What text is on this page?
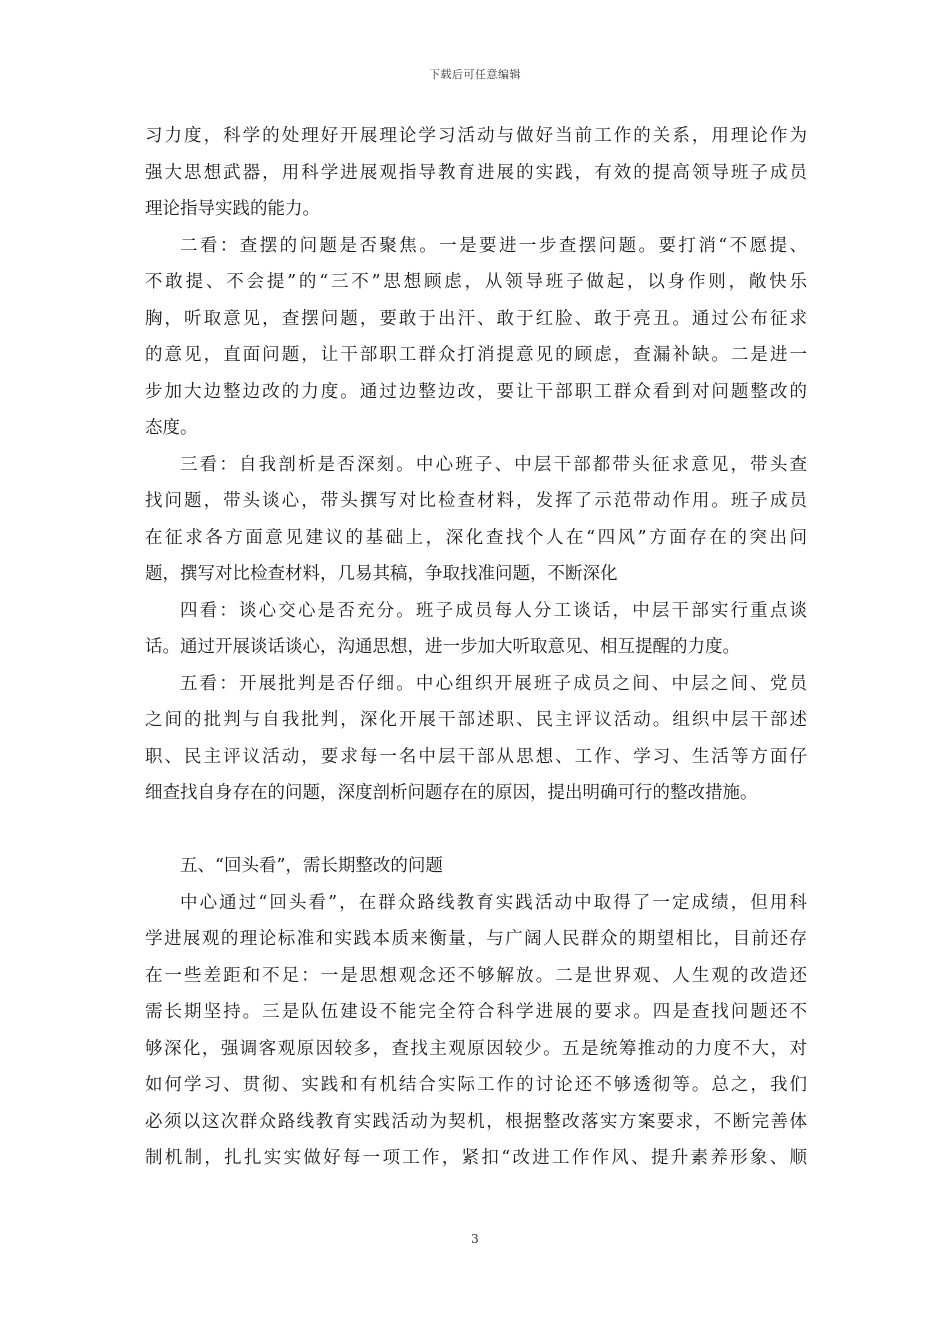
下载后可任意编辑
习力度，科学的处理好开展理论学习活动与做好当前工作的关系，用理论作为
强大思想武器，用科学进展观指导教育进展的实践，有效的提高领导班子成员
理论指导实践的能力。
二看：查摆的问题是否聚焦。一是要进一步查摆问题。要打消“不愿提、
不敢提、不会提”的“三不”思想顾虑，从领导班子做起，以身作则，敞快乐
胸，听取意见，查摆问题，要敢于出汗、敢于红脸、敢于亮丑。通过公布征求
的意见，直面问题，让干部职工群众打消提意见的顾虑，查漏补缺。二是进一
步加大边整边改的力度。通过边整边改，要让干部职工群众看到对问题整改的
态度。
三看：自我剖析是否深刻。中心班子、中层干部都带头征求意见，带头查
找问题，带头谈心，带头撰写对比检查材料，发挥了示范带动作用。班子成员
在征求各方面意见建议的基础上，深化查找个人在“四风”方面存在的突出问
题，撰写对比检查材料，几易其稿，争取找准问题，不断深化
四看：谈心交心是否充分。班子成员每人分工谈话，中层干部实行重点谈
话。通过开展谈话谈心，沟通思想，进一步加大听取意见、相互提醒的力度。
五看：开展批判是否仔细。中心组织开展班子成员之间、中层之间、党员
之间的批判与自我批判，深化开展干部述职、民主评议活动。组织中层干部述
职、民主评议活动，要求每一名中层干部从思想、工作、学习、生活等方面仔
细查找自身存在的问题，深度剖析问题存在的原因，提出明确可行的整改措施。
五、“回头看”，需长期整改的问题
中心通过“回头看”，在群众路线教育实践活动中取得了一定成绩，但用科
学进展观的理论标准和实践本质来衡量，与广阔人民群众的期望相比，目前还存
在一些差距和不足：一是思想观念还不够解放。二是世界观、人生观的改造还
需长期坚持。三是队伍建设不能完全符合科学进展的要求。四是查找问题还不
够深化，强调客观原因较多，查找主观原因较少。五是统筹推动的力度不大，对
如何学习、贯彻、实践和有机结合实际工作的讨论还不够透彻等。总之，我们
必须以这次群众路线教育实践活动为契机，根据整改落实方案要求，不断完善体
制机制，扎扎实实做好每一项工作，紧扣“改进工作作风、提升素养形象、顺
3
